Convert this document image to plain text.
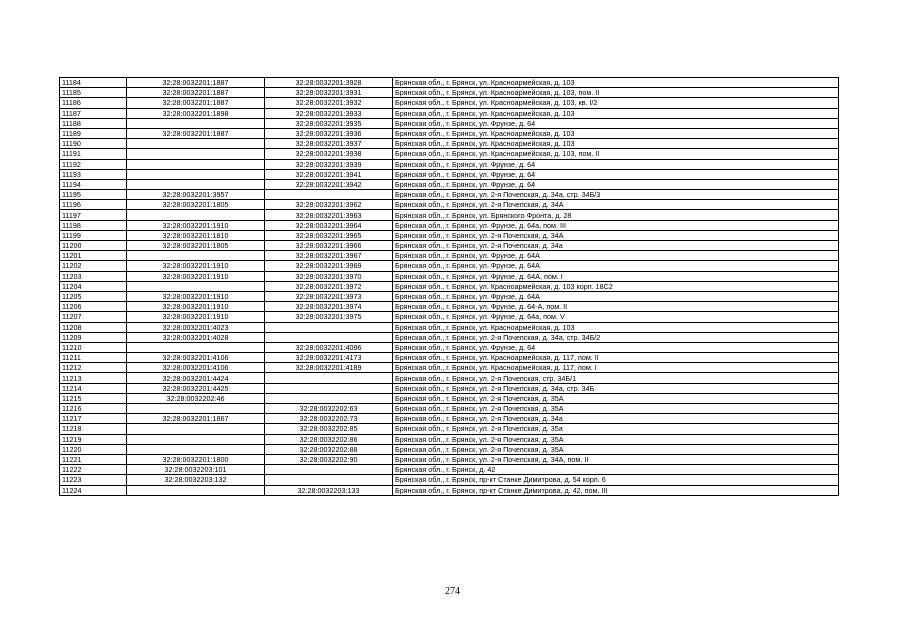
11184	32:28:0032201:1887	32:28:0032201:3928	Брянская обл., г. Брянск, ул. Красноармейская, д. 103
11185	32:28:0032201:1887	32:28:0032201:3931	Брянская обл., г. Брянск, ул. Красноармейская, д. 103, пом. II
11186	32:28:0032201:1887	32:28:0032201:3932	Брянская обл., г. Брянск, ул. Красноармейская, д. 103, кв. I/2
11187	32:28:0032201:1898	32:28:0032201:3933	Брянская обл., г. Брянск, ул. Красноармейская, д. 103
11188		32:28:0032201:3935	Брянская обл., г. Брянск, ул. Фрунзе, д. 64
11189	32:28:0032201:1887	32:28:0032201:3936	Брянская обл., г. Брянск, ул. Красноармейская, д. 103
11190		32:28:0032201:3937	Брянская обл., г. Брянск, ул. Красноармейская, д. 103
11191		32:28:0032201:3938	Брянская обл., г. Брянск, ул. Красноармейская, д. 103, пом. II
11192		32:28:0032201:3939	Брянская обл., г. Брянск, ул. Фрунзе, д. 64
11193		32:28:0032201:3941	Брянская обл., г. Брянск, ул. Фрунзе, д. 64
11194		32:28:0032201:3942	Брянская обл., г. Брянск, ул. Фрунзе, д. 64
11195	32:28:0032201:3957		Брянская обл., г. Брянск, ул. 2-я Почепская, д. 34а, стр. 34Б/3
11196	32:28:0032201:1805	32:28:0032201:3962	Брянская обл., г. Брянск, ул. 2-я Почепская, д. 34А
11197		32:28:0032201:3963	Брянская обл., г. Брянск, ул. Брянского Фронта, д. 28
11198	32:28:0032201:1910	32:28:0032201:3964	Брянская обл., г. Брянск, ул. Фрунзе, д. 64а, пом. III
11199	32:28:0032201:1810	32:28:0032201:3965	Брянская обл., г. Брянск, ул. 2-я Почепская, д. 34А
11200	32:28:0032201:1805	32:28:0032201:3966	Брянская обл., г. Брянск, ул. 2-я Почепская, д. 34а
11201		32:28:0032201:3967	Брянская обл., г. Брянск, ул. Фрунзе, д. 64А
11202	32:28:0032201:1910	32:28:0032201:3969	Брянская обл., г. Брянск, ул. Фрунзе, д. 64А
11203	32:28:0032201:1910	32:28:0032201:3970	Брянская обл., г. Брянск, ул. Фрунзе, д. 64А, пом. I
11204		32:28:0032201:3972	Брянская обл., г. Брянск, ул. Красноармейская, д. 103 корп. 18С2
11205	32:28:0032201:1910	32:28:0032201:3973	Брянская обл., г. Брянск, ул. Фрунзе, д. 64А
11206	32:28:0032201:1910	32:28:0032201:3974	Брянская обл., г. Брянск, ул. Фрунзе, д. 64-А, пом. II
11207	32:28:0032201:1910	32:28:0032201:3975	Брянская обл., г. Брянск, ул. Фрунзе, д. 64а, пом. V
11208	32:28:0032201:4023		Брянская обл., г. Брянск, ул. Красноармейская, д. 103
11209	32:28:0032201:4028		Брянская обл., г. Брянск, ул. 2-я Почепская, д. 34а, стр. 34Б/2
11210		32:28:0032201:4096	Брянская обл., г. Брянск, ул. Фрунзе, д. 64
11211	32:28:0032201:4106	32:28:0032201:4173	Брянская обл., г. Брянск, ул. Красноармейская, д. 117, пом. II
11212	32:28:0032201:4106	32:28:0032201:4189	Брянская обл., г. Брянск, ул. Красноармейская, д. 117, пом. I
11213	32:28:0032201:4424		Брянская обл., г. Брянск, ул. 2-я Почепская, стр. 34Б/1
11214	32:28:0032201:4425		Брянская обл., г. Брянск, ул. 2-я Почепская, д. 34а, стр. 34Б
11215	32:28:0032202:46		Брянская обл., г. Брянск, ул. 2-я Почепская, д. 35А
11216		32:28:0032202:63	Брянская обл., г. Брянск, ул. 2-я Почепская, д. 35А
11217	32:28:0032201:1867	32:28:0032202:73	Брянская обл., г. Брянск, ул. 2-я Почепская, д. 34а
11218		32:28:0032202:85	Брянская обл., г. Брянск, ул. 2-я Почепская, д. 35а
11219		32:28:0032202:86	Брянская обл., г. Брянск, ул. 2-я Почепская, д. 35А
11220		32:28:0032202:88	Брянская обл., г. Брянск, ул. 2-я Почепская, д. 35А
11221	32:28:0032201:1800	32:28:0032202:90	Брянская обл., г. Брянск, ул. 2-я Почепская, д. 34А, пом. II
11222	32:28:0032203:101		Брянская обл., г. Брянск, д. 42
11223	32:28:0032203:132		Брянская обл., г. Брянск, пр-кт Станке Димитрова, д. 54 корп. 6
11224		32:28:0032203:133	Брянская обл., г. Брянск, пр-кт Станке Димитрова, д. 42, пом. III
274
